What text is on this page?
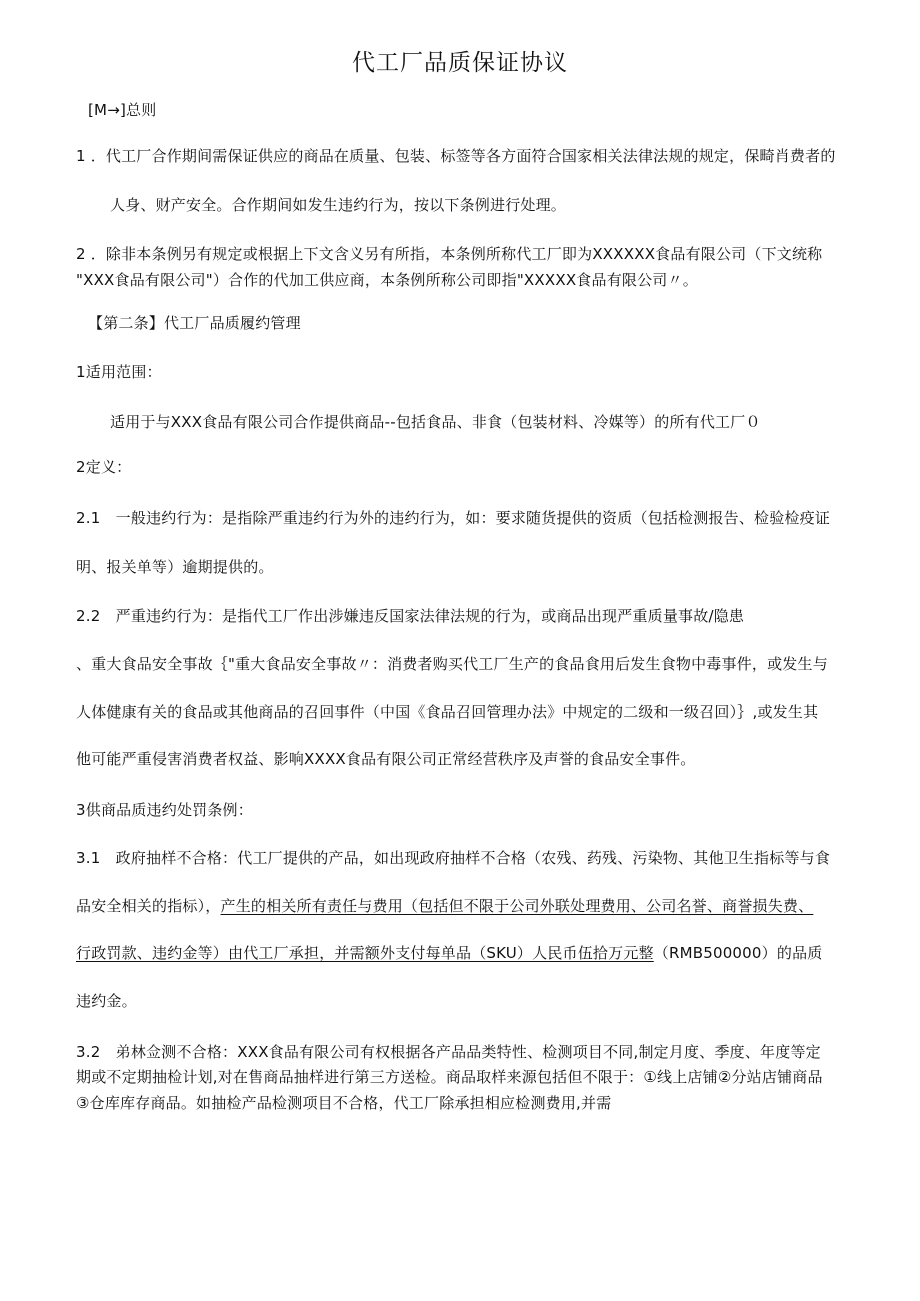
代工厂品质保证协议
[M→]总则
1 ．代工厂合作期间需保证供应的商品在质量、包装、标签等各方面符合国家相关法律法规的规定，保畸肖费者的
人身、财产安全。合作期间如发生违约行为，按以下条例进行处理。
2 ．除非本条例另有规定或根据上下文含义另有所指，本条例所称代工厂即为XXXXXX食品有限公司（下文统称
"XXX食品有限公司"）合作的代加工供应商，本条例所称公司即指"XXXXX食品有限公司〃。
【第二条】代工厂品质履约管理
1适用范围：
适用于与XXX食品有限公司合作提供商品--包括食品、非食（包装材料、冷媒等）的所有代工厂０
2定义：
2.1　一般违约行为：是指除严重违约行为外的违约行为，如：要求随货提供的资质（包括检测报告、检验检疫证
明、报关单等）逾期提供的。
2.2　严重违约行为：是指代工厂作出涉嫌违反国家法律法规的行为，或商品出现严重质量事故/隐患
、重大食品安全事故｛"重大食品安全事故〃：消费者购买代工厂生产的食品食用后发生食物中毒事件，或发生与
人体健康有关的食品或其他商品的召回事件（中国《食品召回管理办法》中规定的二级和一级召回）｝,或发生其
他可能严重侵害消费者权益、影响XXXX食品有限公司正常经营秩序及声誉的食品安全事件。
3供商品质违约处罚条例：
3.1　政府抽样不合格：代工厂提供的产品，如出现政府抽样不合格（农残、药残、污染物、其他卫生指标等与食
品安全相关的指标），产生的相关所有责任与费用（包括但不限于公司外联处理费用、公司名誉、商誉损失费、
行政罚款、违约金等）由代工厂承担，并需额外支付每单品（SKU）人民币伍拾万元整（RMB500000）的品质
违约金。
3.2　弟林佥测不合格：XXX食品有限公司有权根据各产品品类特性、检测项目不同,制定月度、季度、年度等定
期或不定期抽检计划,对在售商品抽样进行第三方送检。商品取样来源包括但不限于：①线上店铺②分站店铺商品
③仓库库存商品。如抽检产品检测项目不合格，代工厂除承担相应检测费用,并需
